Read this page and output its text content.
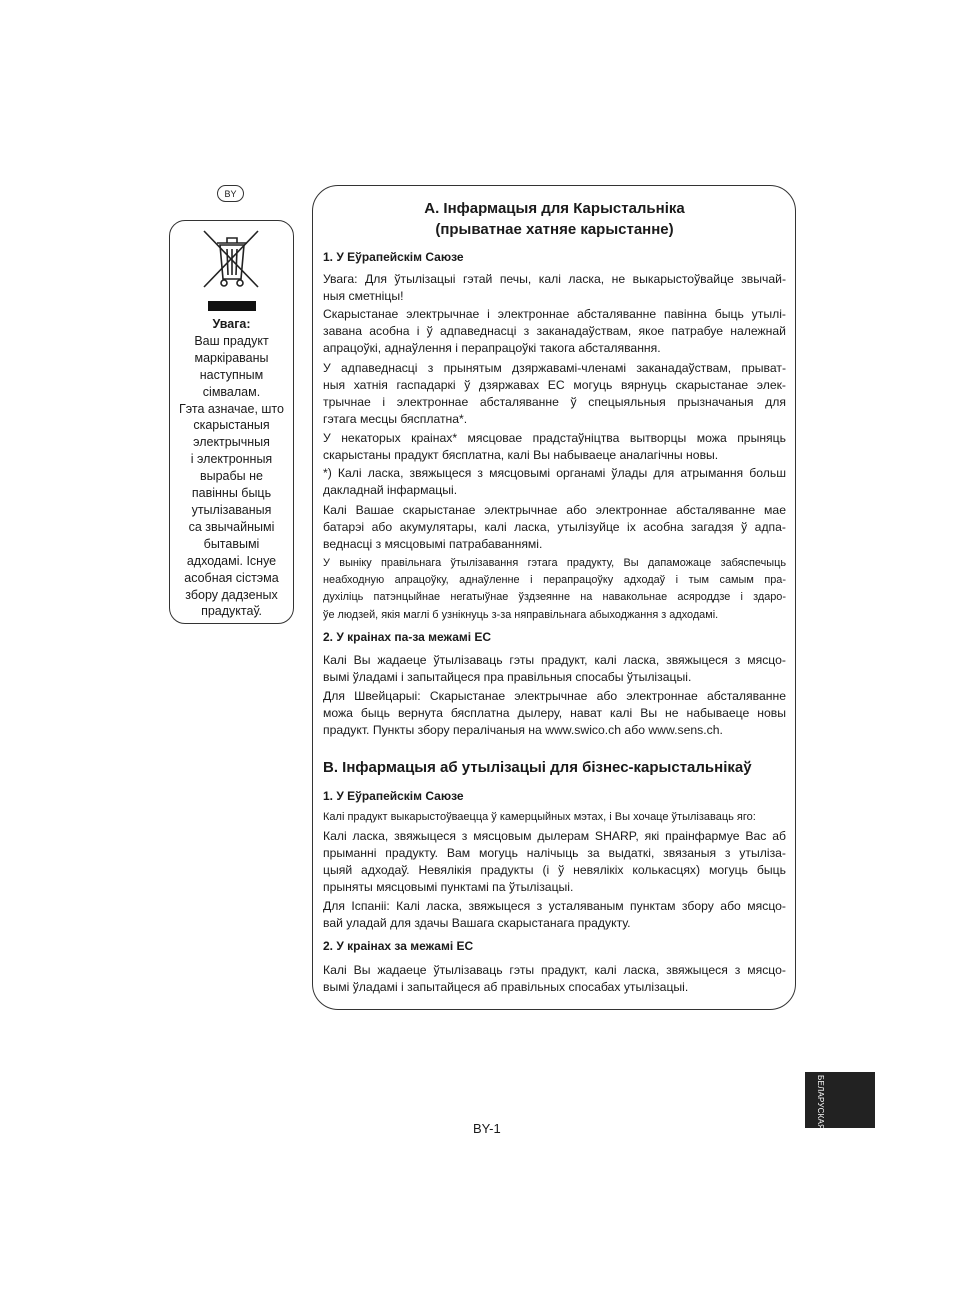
BY
Увага:
Ваш прадукт
маркіраваны
наступным
сімвалам.
Гэта азначае, што
скарыстаныя
электрычныя
і электронныя
вырабы не
павінны быць
утылізаваныя
са звычайнымі
бытавымі
адходамі. Існуе
асобная сістэма
збору дадзеных
прадуктаў.
A. Інфармацыя для Карыстальніка
(прыватнае хатняе карыстанне)
1. У Еўрапейскім Саюзе
Увага: Для ўтылізацыі гэтай печы, калі ласка, не выкарыстоўвайце звычай-
ныя сметніцы!
Скарыстанае электрычнае і электроннае абсталяванне павінна быць утылі-
завана асобна і ў адпаведнасці з заканадаўствам, якое патрабуе належнай
апрацоўкі, аднаўлення і перапрацоўкі такога абсталявання.
У адпаведнасці з прынятым дзяржавамі-членамі заканадаўствам, прыват-
ныя хатнія гаспадаркі ў дзяржавах ЕС могуць вярнуць скарыстанае элек-
трычнае і электроннае абсталяванне ў спецыяльныя прызначаныя для
гэтага месцы бясплатна*.
У некаторых краінах* мясцовае прадстаўніцтва вытворцы можа прыняць
скарыстаны прадукт бясплатна, калі Вы набываеце аналагічны новы.
*) Калі ласка, звяжыцеся з мясцовымі органамі ўлады для атрымання больш
дакладнай інфармацыі.
Калі Вашае скарыстанае электрычнае або электроннае абсталяванне мае
батарэі або акумулятары, калі ласка, утылізуйце іх асобна загадзя ў адпа-
веднасці з мясцовымі патрабаваннямі.
У выніку правільнага ўтылізавання гэтага прадукту, Вы дапаможаце забяспечыць
неабходную апрацоўку, аднаўленне і перапрацоўку адходаў і тым самым пра-
духіліць патэнцыйнае негатыўнае ўздзеянне на навакольнае асяроддзе і здаро-
ўе людзей, якія маглі б узнікнуць з-за няправільнага абыходжання з адходамі.
2. У краінах па-за межамі ЕС
Калі Вы жадаеце ўтылізаваць гэты прадукт, калі ласка, звяжыцеся з мясцо-
вымі ўладамі і запытайцеся пра правільныя спосабы ўтылізацыі.
Для Швейцарыі: Скарыстанае электрычнае або электроннае абсталяванне
можа быць вернута бясплатна дылеру, нават калі Вы не набываеце новы
прадукт. Пункты збору пералічаныя на www.swico.ch або www.sens.ch.
B. Інфармацыя аб утылізацыі для бізнес-карыстальнікаў
1. У Еўрапейскім Саюзе
Калі прадукт выкарыстоўваецца ў камерцыйных мэтах, і Вы хочаце ўтылізаваць яго:
Калі ласка, звяжыцеся з мясцовым дылерам SHARP, які праінфармуе Вас аб
прыманні прадукту. Вам могуць налічыць за выдаткі, звязаныя з утылізa-
цыяй адходаў. Невялікія прадукты (і ў невялікіх колькасцях) могуць быць
прыняты мясцовымі пунктамі па ўтылізацыі.
Для Іспаніі: Калі ласка, звяжыцеся з усталяваным пунктам збору або мясцо-
вай уладай для здачы Вашага скарыстанага прадукту.
2. У краінах за межамі ЕС
Калі Вы жадаеце ўтылізаваць гэты прадукт, калі ласка, звяжыцеся з мясцо-
вымі ўладамі і запытайцеся аб правільных спосабах утылізацыі.
BY-1	БЕЛАРУСКАЯ
